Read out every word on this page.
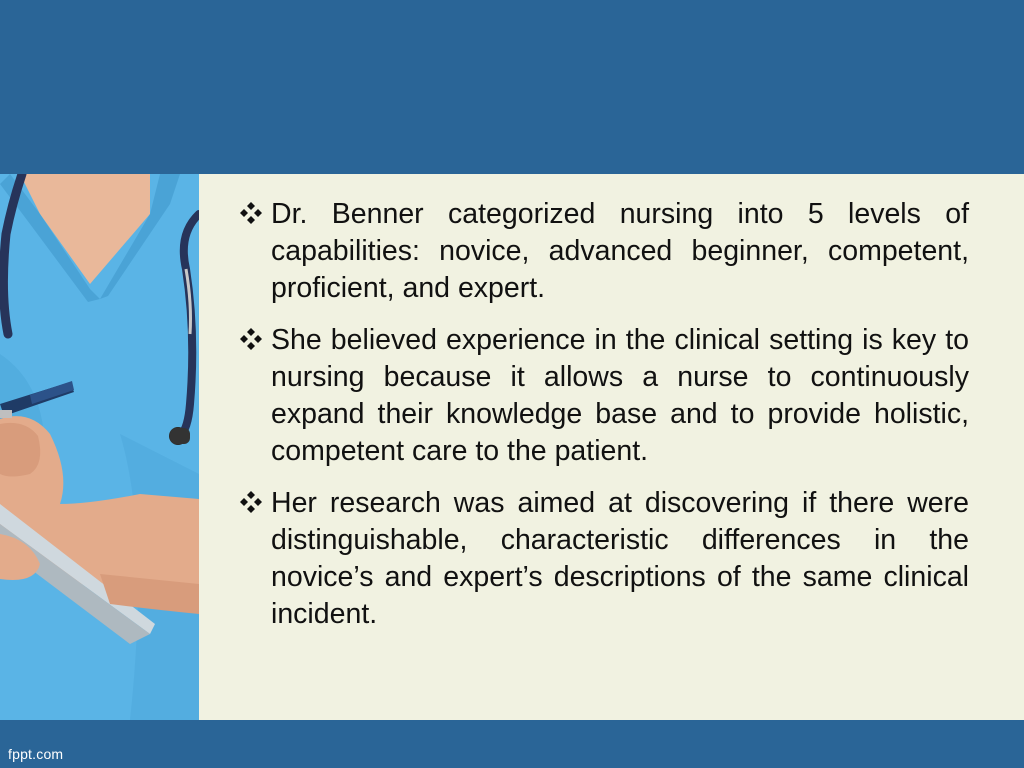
Dr. Benner categorized nursing into 5 levels of capabilities: novice, advanced beginner, competent, proficient, and expert.
She believed experience in the clinical setting is key to nursing because it allows a nurse to continuously expand their knowledge base and to provide holistic, competent care to the patient.
Her research was aimed at discovering if there were distinguishable, characteristic differences in the novice’s and expert’s descriptions of the same clinical incident.
fppt.com
